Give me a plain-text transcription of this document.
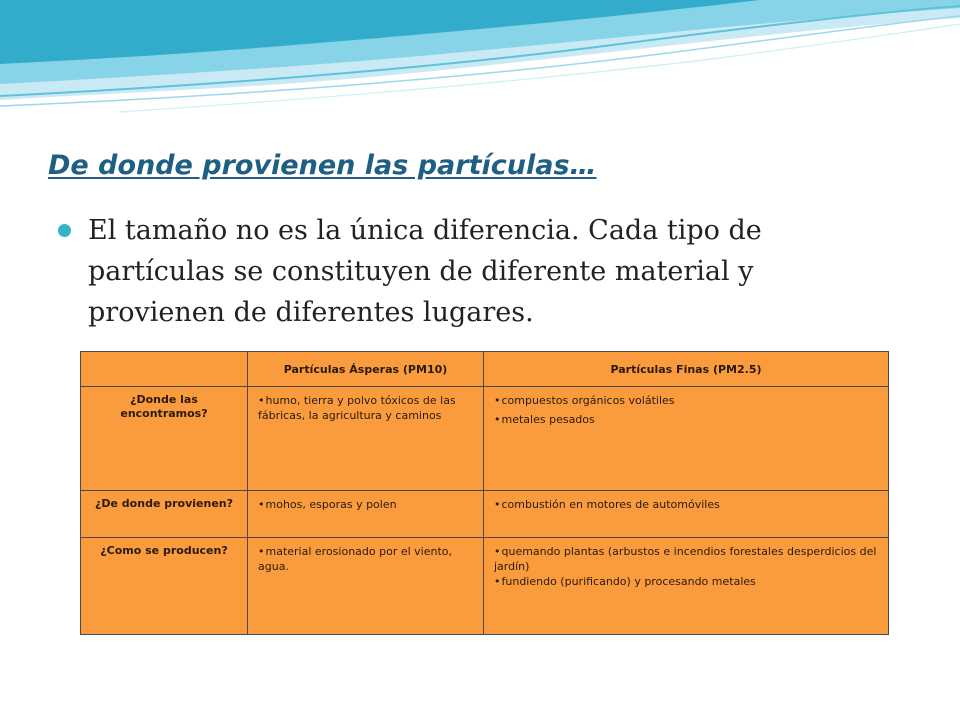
De donde provienen las partículas…

El tamaño no es la única diferencia. Cada tipo de partículas se constituyen de diferente material y provienen de diferentes lugares.

	Partículas Ásperas (PM10)	Partículas Finas (PM2.5)
¿Donde las encontramos?	• humo, tierra y polvo tóxicos de las fábricas, la agricultura y caminos	• compuestos orgánicos volátiles
• metales pesados

¿De donde provienen?	• mohos, esporas y polen	• combustión en motores de automóviles

¿Como se producen?	• material erosionado por el viento, agua.	• quemando plantas (arbustos e incendios forestales desperdicios del jardín)
• fundiendo (purificando) y procesando metales
